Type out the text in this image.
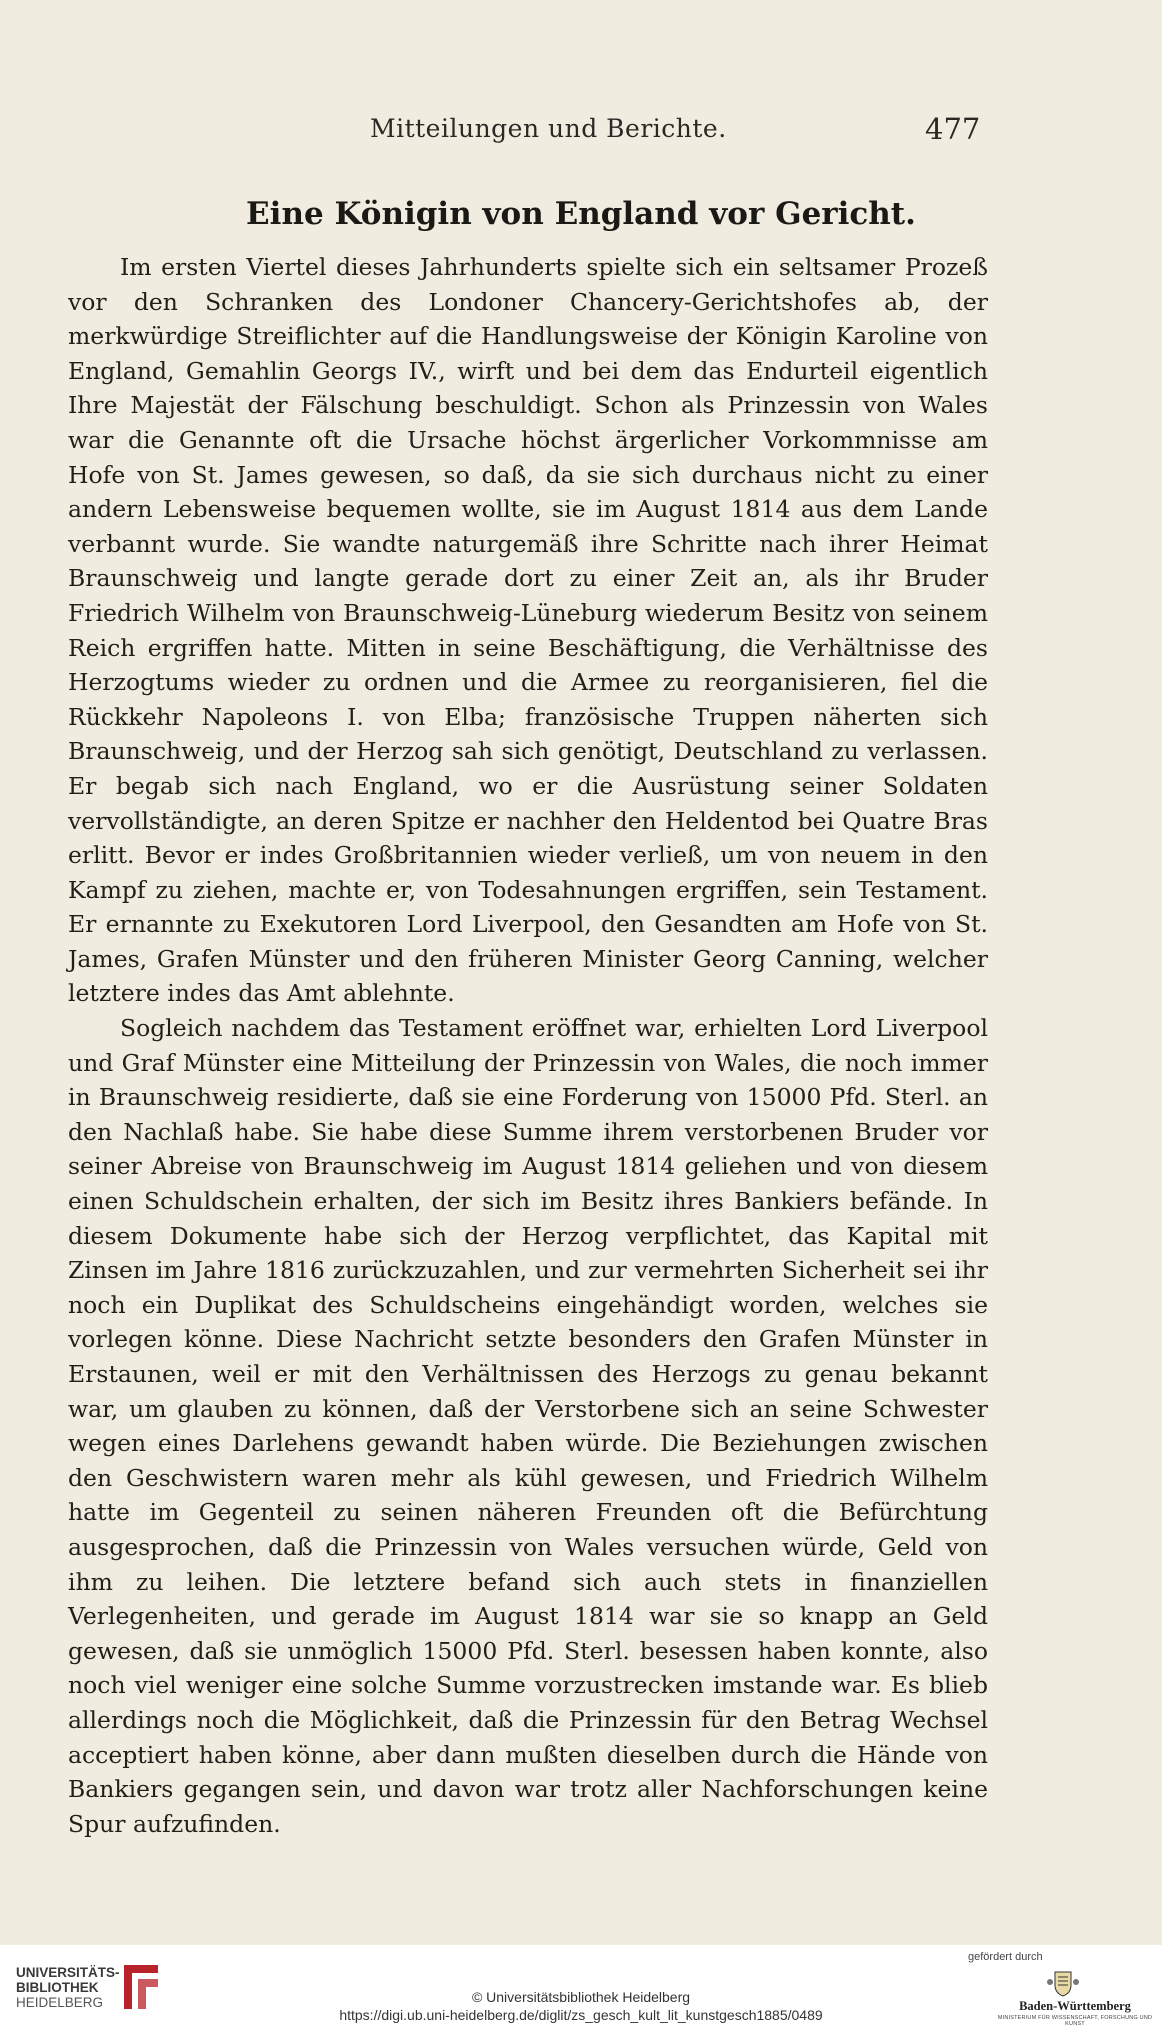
Mitteilungen und Berichte.	477
Eine Königin von England vor Gericht.

Im ersten Viertel dieses Jahrhunderts spielte sich ein seltsamer Prozeß vor den Schranken des Londoner Chancery-Gerichtshofes ab, der merkwürdige Streiflichter auf die Handlungsweise der Königin Karoline von England, Gemahlin Georgs IV., wirft und bei dem das Endurteil eigentlich Ihre Majestät der Fälschung beschuldigt. Schon als Prinzessin von Wales war die Genannte oft die Ursache höchst ärgerlicher Vorkommnisse am Hofe von St. James gewesen, so daß, da sie sich durchaus nicht zu einer andern Lebensweise bequemen wollte, sie im August 1814 aus dem Lande verbannt wurde. Sie wandte naturgemäß ihre Schritte nach ihrer Heimat Braunschweig und langte gerade dort zu einer Zeit an, als ihr Bruder Friedrich Wilhelm von Braunschweig-Lüneburg wiederum Besitz von seinem Reich ergriffen hatte. Mitten in seine Beschäftigung, die Verhältnisse des Herzogtums wieder zu ordnen und die Armee zu reorganisieren, fiel die Rückkehr Napoleons I. von Elba; französische Truppen näherten sich Braunschweig, und der Herzog sah sich genötigt, Deutschland zu verlassen. Er begab sich nach England, wo er die Ausrüstung seiner Soldaten vervollständigte, an deren Spitze er nachher den Heldentod bei Quatre Bras erlitt. Bevor er indes Großbritannien wieder verließ, um von neuem in den Kampf zu ziehen, machte er, von Todesahnungen ergriffen, sein Testament. Er ernannte zu Exekutoren Lord Liverpool, den Gesandten am Hofe von St. James, Grafen Münster und den früheren Minister Georg Canning, welcher letztere indes das Amt ablehnte.

Sogleich nachdem das Testament eröffnet war, erhielten Lord Liverpool und Graf Münster eine Mitteilung der Prinzessin von Wales, die noch immer in Braunschweig residierte, daß sie eine Forderung von 15000 Pfd. Sterl. an den Nachlaß habe. Sie habe diese Summe ihrem verstorbenen Bruder vor seiner Abreise von Braunschweig im August 1814 geliehen und von diesem einen Schuldschein erhalten, der sich im Besitz ihres Bankiers befände. In diesem Dokumente habe sich der Herzog verpflichtet, das Kapital mit Zinsen im Jahre 1816 zurückzuzahlen, und zur vermehrten Sicherheit sei ihr noch ein Duplikat des Schuldscheins eingehändigt worden, welches sie vorlegen könne. Diese Nachricht setzte besonders den Grafen Münster in Erstaunen, weil er mit den Verhältnissen des Herzogs zu genau bekannt war, um glauben zu können, daß der Verstorbene sich an seine Schwester wegen eines Darlehens gewandt haben würde. Die Beziehungen zwischen den Geschwistern waren mehr als kühl gewesen, und Friedrich Wilhelm hatte im Gegenteil zu seinen näheren Freunden oft die Befürchtung ausgesprochen, daß die Prinzessin von Wales versuchen würde, Geld von ihm zu leihen. Die letztere befand sich auch stets in finanziellen Verlegenheiten, und gerade im August 1814 war sie so knapp an Geld gewesen, daß sie unmöglich 15000 Pfd. Sterl. besessen haben konnte, also noch viel weniger eine solche Summe vorzustrecken imstande war. Es blieb allerdings noch die Möglichkeit, daß die Prinzessin für den Betrag Wechsel acceptiert haben könne, aber dann mußten dieselben durch die Hände von Bankiers gegangen sein, und davon war trotz aller Nachforschungen keine Spur aufzufinden.

UNIVERSITÄTS-
BIBLIOTHEK
HEIDELBERG	© Universitätsbibliothek Heidelberg
https://digi.ub.uni-heidelberg.de/diglit/zs_gesch_kult_lit_kunstgesch1885/0489
gefördert durch
Baden-Württemberg
MINISTERIUM FÜR WISSENSCHAFT, FORSCHUNG UND KUNST
